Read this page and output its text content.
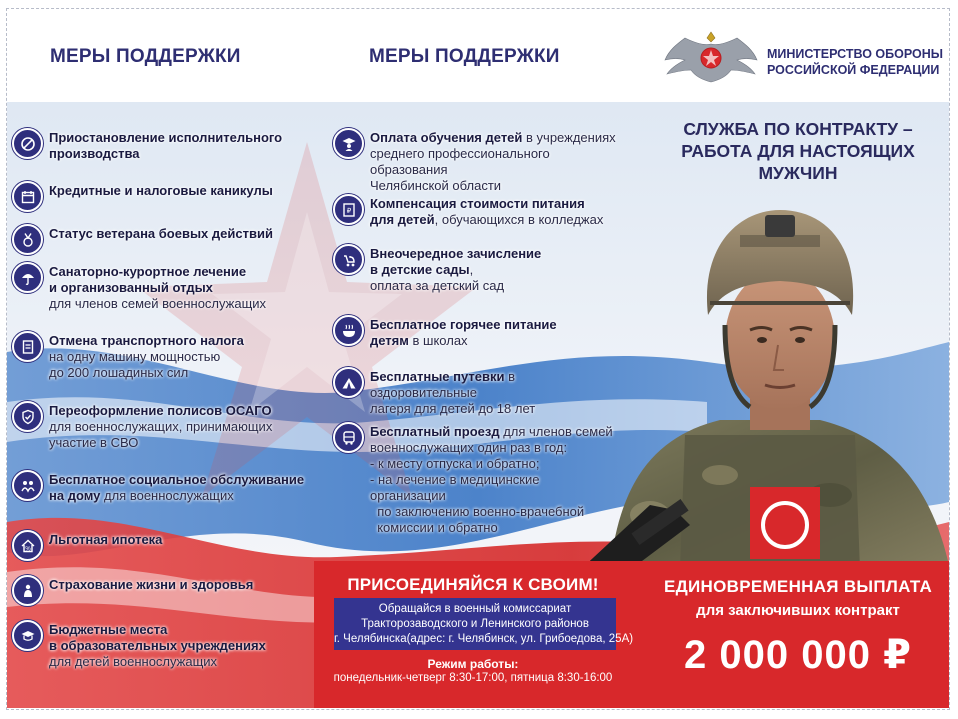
МЕРЫ ПОДДЕРЖКИ	МЕРЫ ПОДДЕРЖКИ	МИНИСТЕРСТВО ОБОРОНЫ
РОССИЙСКОЙ ФЕДЕРАЦИИ
СЛУЖБА ПО КОНТРАКТУ –
РАБОТА ДЛЯ НАСТОЯЩИХ
МУЖЧИН
Приостановление исполнительного
производства
Кредитные и налоговые каникулы
Статус ветерана боевых действий
Санаторно-курортное лечение
и организованный отдых
для членов семей военнослужащих
Отмена транспортного налога
на одну машину мощностью
до 200 лошадиных сил
Переоформление полисов ОСАГО
для военнослужащих, принимающих
участие в СВО
Бесплатное социальное обслуживание
на дому для военнослужащих
%
Льготная ипотека
Страхование жизни и здоровья
Бюджетные места
в образовательных учреждениях
для детей военнослужащих
Оплата обучения детей в учреждениях
среднего профессионального образования
Челябинской области
₽ Компенсация стоимости питания
для детей, обучающихся в колледжах
Внеочередное зачисление
в детские сады,
оплата за детский сад
Бесплатное горячее питание
детям в школах
Бесплатные путевки в оздоровительные
лагеря для детей до 18 лет
Бесплатный проезд для членов семей
военнослужащих один раз в год:
- к месту отпуска и обратно;
- на лечение в медицинские организации
по заключению военно-врачебной
комиссии и обратно
ПРИСОЕДИНЯЙСЯ К СВОИМ!
Обращайся в военный комиссариат
Тракторозаводского и Ленинского районов
г. Челябинска(адрес: г. Челябинск, ул. Грибоедова, 25А)
Режим работы:
понедельник-четверг 8:30-17:00, пятница 8:30-16:00
ЕДИНОВРЕМЕННАЯ ВЫПЛАТА
для заключивших контракт
2 000 000 ₽
